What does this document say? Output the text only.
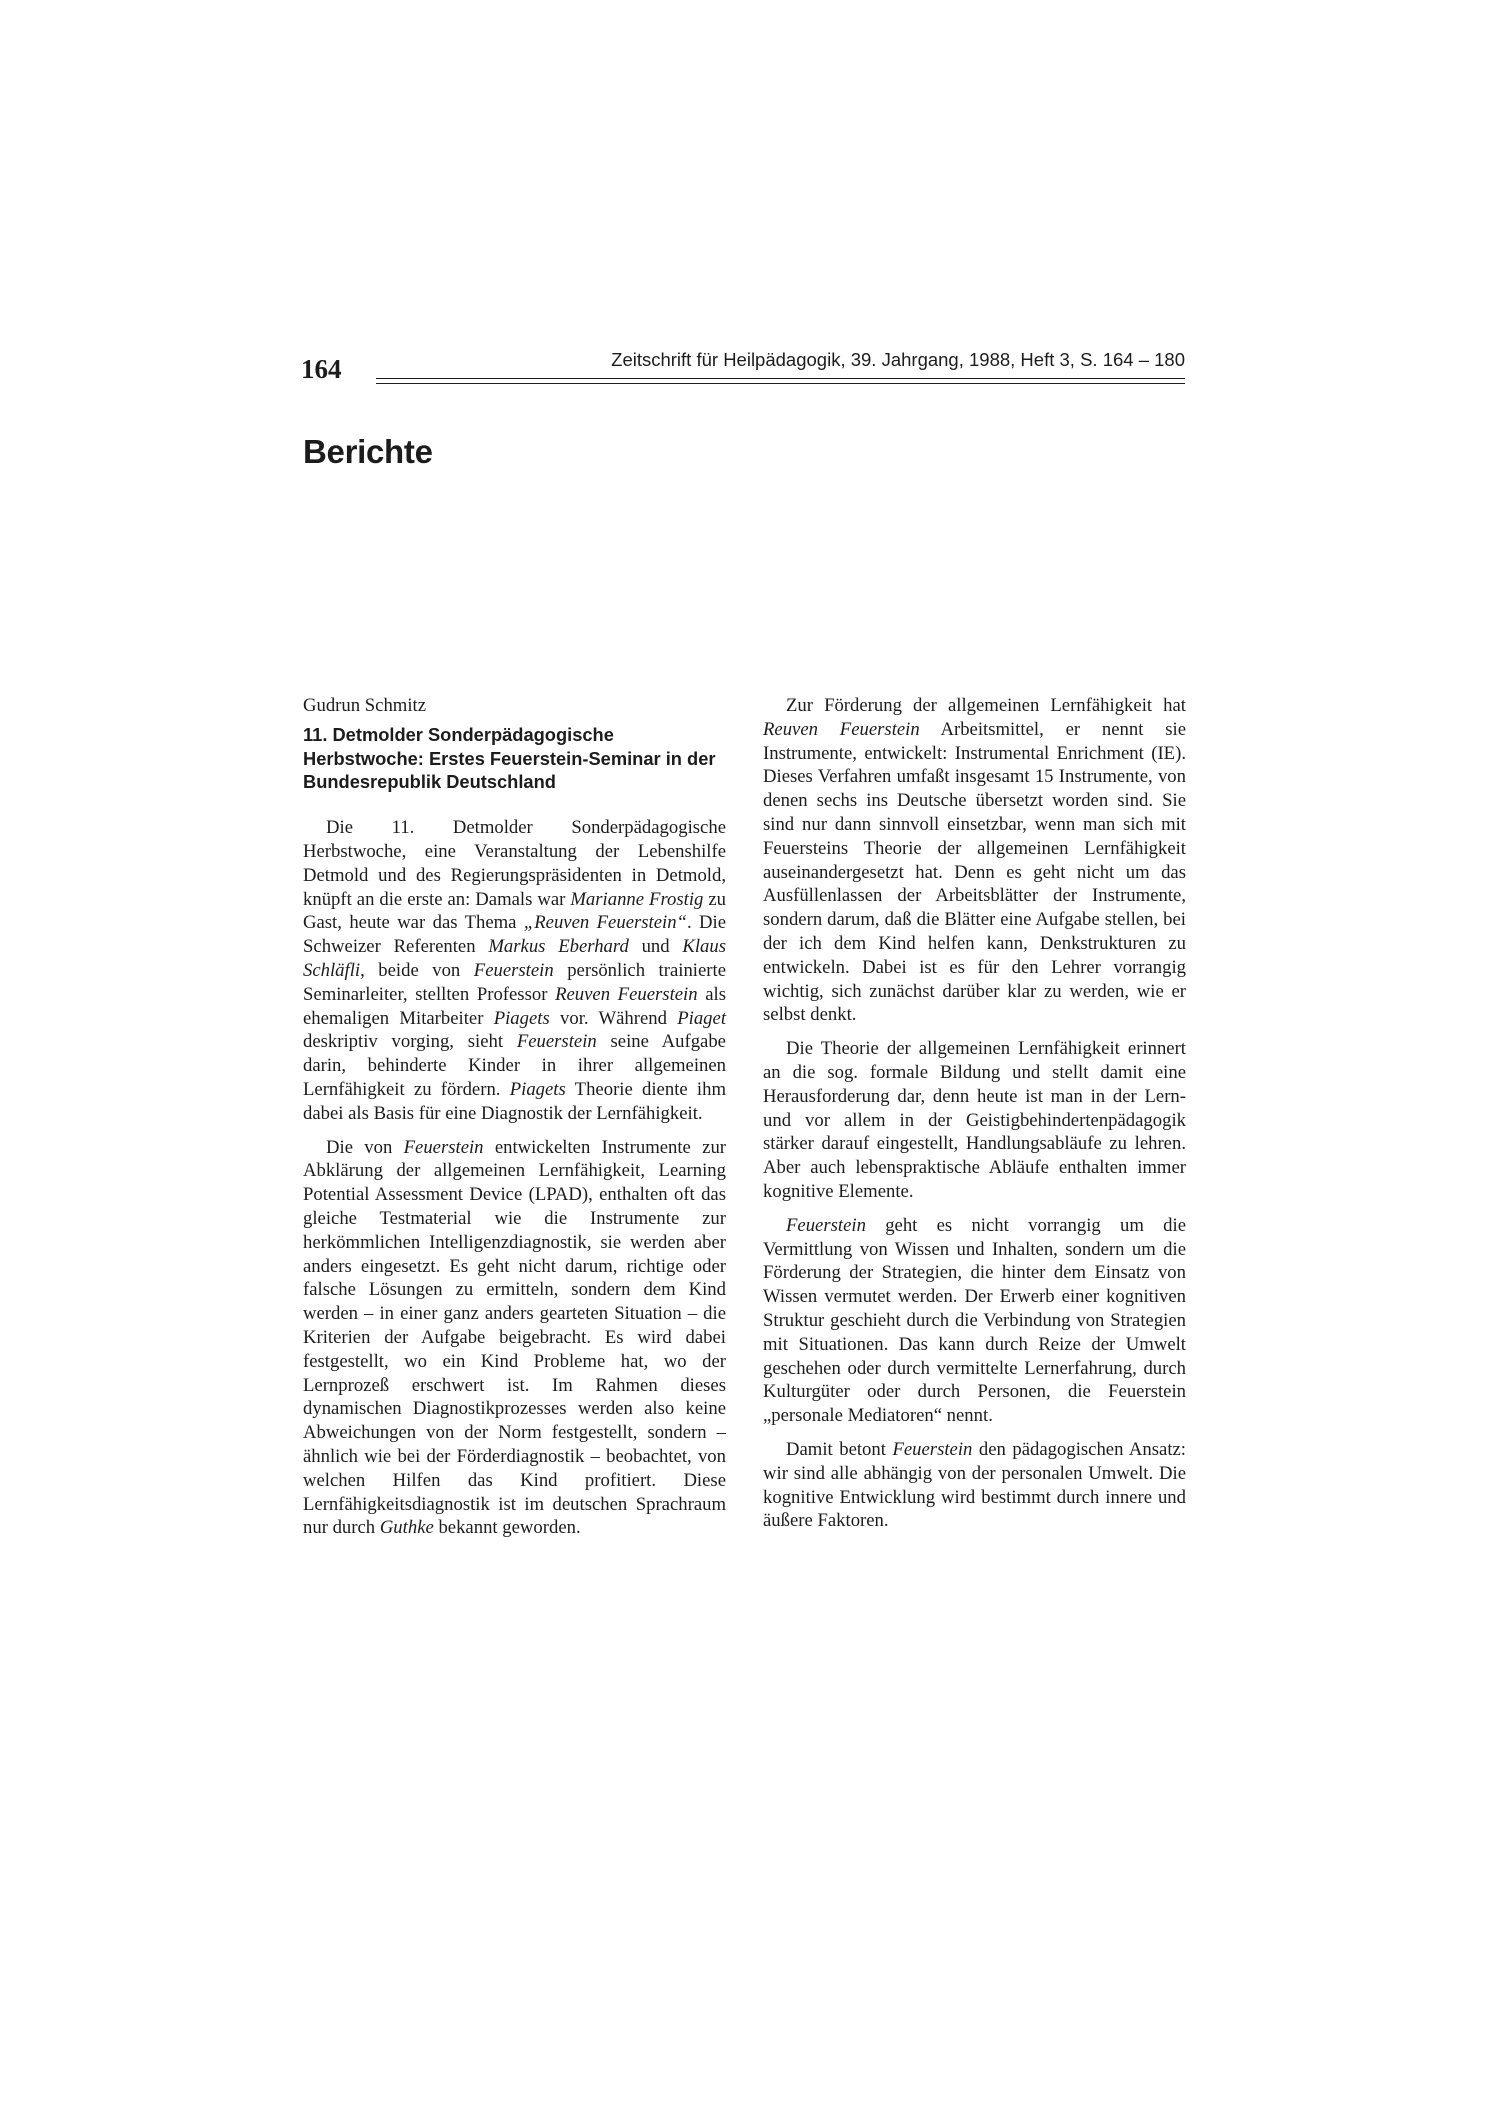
164	Zeitschrift für Heilpädagogik, 39. Jahrgang, 1988, Heft 3, S. 164 – 180
Berichte

Gudrun Schmitz

11. Detmolder Sonderpädagogische Herbstwoche: Erstes Feuerstein-Seminar in der Bundesrepublik Deutschland

Die 11. Detmolder Sonderpädagogische Herbstwoche, eine Veranstaltung der Lebenshilfe Detmold und des Regierungspräsidenten in Detmold, knüpft an die erste an: Damals war Marianne Frostig zu Gast, heute war das Thema „Reuven Feuerstein“. Die Schweizer Referenten Markus Eberhard und Klaus Schläfli, beide von Feuerstein persönlich trainierte Seminarleiter, stellten Professor Reuven Feuerstein als ehemaligen Mitarbeiter Piagets vor. Während Piaget deskriptiv vorging, sieht Feuerstein seine Aufgabe darin, behinderte Kinder in ihrer allgemeinen Lernfähigkeit zu fördern. Piagets Theorie diente ihm dabei als Basis für eine Diagnostik der Lernfähigkeit.

Die von Feuerstein entwickelten Instrumente zur Abklärung der allgemeinen Lernfähigkeit, Learning Potential Assessment Device (LPAD), enthalten oft das gleiche Testmaterial wie die Instrumente zur herkömmlichen Intelligenzdiagnostik, sie werden aber anders eingesetzt. Es geht nicht darum, richtige oder falsche Lösungen zu ermitteln, sondern dem Kind werden – in einer ganz anders gearteten Situation – die Kriterien der Aufgabe beigebracht. Es wird dabei festgestellt, wo ein Kind Probleme hat, wo der Lernprozeß erschwert ist. Im Rahmen dieses dynamischen Diagnostikprozesses werden also keine Abweichungen von der Norm festgestellt, sondern – ähnlich wie bei der Förderdiagnostik – beobachtet, von welchen Hilfen das Kind profitiert. Diese Lernfähigkeitsdiagnostik ist im deutschen Sprachraum nur durch Guthke bekannt geworden.

Zur Förderung der allgemeinen Lernfähigkeit hat Reuven Feuerstein Arbeitsmittel, er nennt sie Instrumente, entwickelt: Instrumental Enrichment (IE). Dieses Verfahren umfaßt insgesamt 15 Instrumente, von denen sechs ins Deutsche übersetzt worden sind. Sie sind nur dann sinnvoll einsetzbar, wenn man sich mit Feuersteins Theorie der allgemeinen Lernfähigkeit auseinandergesetzt hat. Denn es geht nicht um das Ausfüllenlassen der Arbeitsblätter der Instrumente, sondern darum, daß die Blätter eine Aufgabe stellen, bei der ich dem Kind helfen kann, Denkstrukturen zu entwickeln. Dabei ist es für den Lehrer vorrangig wichtig, sich zunächst darüber klar zu werden, wie er selbst denkt.

Die Theorie der allgemeinen Lernfähigkeit erinnert an die sog. formale Bildung und stellt damit eine Herausforderung dar, denn heute ist man in der Lern- und vor allem in der Geistigbehindertenpädagogik stärker darauf eingestellt, Handlungsabläufe zu lehren. Aber auch lebenspraktische Abläufe enthalten immer kognitive Elemente.

Feuerstein geht es nicht vorrangig um die Vermittlung von Wissen und Inhalten, sondern um die Förderung der Strategien, die hinter dem Einsatz von Wissen vermutet werden. Der Erwerb einer kognitiven Struktur geschieht durch die Verbindung von Strategien mit Situationen. Das kann durch Reize der Umwelt geschehen oder durch vermittelte Lernerfahrung, durch Kulturgüter oder durch Personen, die Feuerstein „personale Mediatoren“ nennt.

Damit betont Feuerstein den pädagogischen Ansatz: wir sind alle abhängig von der personalen Umwelt. Die kognitive Entwicklung wird bestimmt durch innere und äußere Faktoren.
